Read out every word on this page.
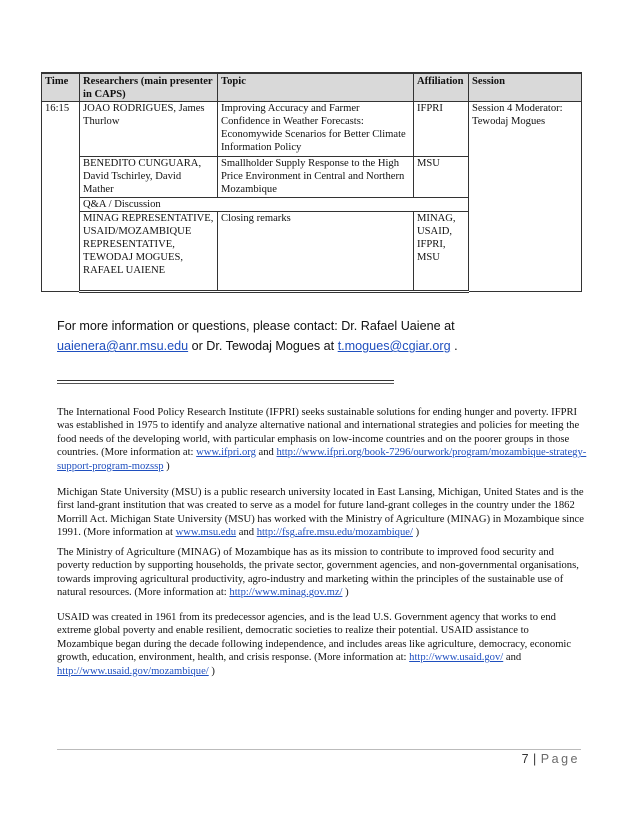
Time	Researchers (main presenter in CAPS)	Topic	Affiliation	Session
16:15	JOAO RODRIGUES, James Thurlow	Improving Accuracy and Farmer Confidence in Weather Forecasts: Economywide Scenarios for Better Climate Information Policy	IFPRI	Session 4 Moderator: Tewodaj Mogues
	BENEDITO CUNGUARA, David Tschirley, David Mather	Smallholder Supply Response to the High Price Environment in Central and Northern Mozambique	MSU	
	Q&A / Discussion			
	MINAG REPRESENTATIVE, USAID/MOZAMBIQUE REPRESENTATIVE, TEWODAJ MOGUES, RAFAEL UAIENE	Closing remarks	MINAG, USAID, IFPRI, MSU	
For more information or questions, please contact: Dr. Rafael Uaiene at uaienera@anr.msu.edu or Dr. Tewodaj Mogues at t.mogues@cgiar.org .
The International Food Policy Research Institute (IFPRI) seeks sustainable solutions for ending hunger and poverty. IFPRI was established in 1975 to identify and analyze alternative national and international strategies and policies for meeting the food needs of the developing world, with particular emphasis on low-income countries and on the poorer groups in those countries. (More information at: www.ifpri.org and http://www.ifpri.org/book-7296/ourwork/program/mozambique-strategy-support-program-mozssp )
Michigan State University (MSU) is a public research university located in East Lansing, Michigan, United States and is the first land-grant institution that was created to serve as a model for future land-grant colleges in the country under the 1862 Morrill Act. Michigan State University (MSU) has worked with the Ministry of Agriculture (MINAG) in Mozambique since 1991. (More information at www.msu.edu and http://fsg.afre.msu.edu/mozambique/ )
The Ministry of Agriculture (MINAG) of Mozambique has as its mission to contribute to improved food security and poverty reduction by supporting households, the private sector, government agencies, and non-governmental organisations, towards improving agricultural productivity, agro-industry and marketing within the principles of the sustainable use of natural resources. (More information at: http://www.minag.gov.mz/ )
USAID was created in 1961 from its predecessor agencies, and is the lead U.S. Government agency that works to end extreme global poverty and enable resilient, democratic societies to realize their potential. USAID assistance to Mozambique began during the decade following independence, and includes areas like agriculture, democracy, economic growth, education, environment, health, and crisis response. (More information at: http://www.usaid.gov/ and http://www.usaid.gov/mozambique/ )
7 | Page
